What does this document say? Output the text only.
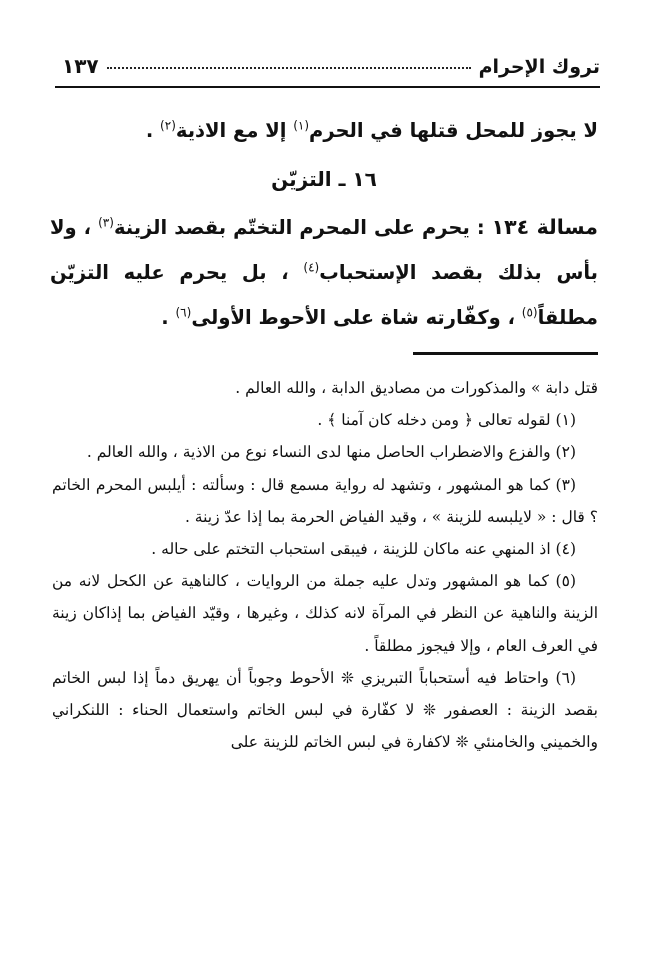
تروك الإحرام
١٣٧

لا يجوز للمحل قتلها في الحرم$^{(١)}$ إلا مع الاذية$^{(٢)}$ .

١٦ ـ التزيّن

مسالة ١٣٤ : يحرم على المحرم التختّم بقصد الزينة$^{(٣)}$ ، ولا بأس بذلك بقصد الإستحباب$^{(٤)}$ ، بل يحرم عليه التزيّن مطلقاً$^{(٥)}$ ، وكفّارته شاة على الأحوط الأولى$^{(٦)}$ .

قتل دابة » والمذكورات من مصاديق الدابة ، والله العالم .

(١) لقوله تعالى ﴿ ومن دخله كان آمنا ﴾ .

(٢) والفزع والاضطراب الحاصل منها لدى النساء نوع من الاذية ، والله العالم .

(٣) كما هو المشهور ، وتشهد له رواية مسمع قال : وسألته : أيلبس المحرم الخاتم ؟ قال : « لايلبسه للزينة » ، وقيد الفياض الحرمة بما إذا عدّ زينة .

(٤) اذ المنهي عنه ماكان للزينة ، فيبقى استحباب التختم على حاله .

(٥) كما هو المشهور وتدل عليه جملة من الروايات ، كالناهية عن الكحل لانه من الزينة والناهية عن النظر في المرآة لانه كذلك ، وغيرها ، وقيّد الفياض بما إذاكان زينة في العرف العام ، وإلا فيجوز مطلقاً .

(٦) واحتاط فيه أستحباباً التبريزي ❊ الأحوط وجوباً أن يهريق دماً إذا لبس الخاتم بقصد الزينة : العصفور ❊ لا كفّارة في لبس الخاتم واستعمال الحناء : اللنكراني والخميني والخامنئي ❊ لاكفارة في لبس الخاتم للزينة على
